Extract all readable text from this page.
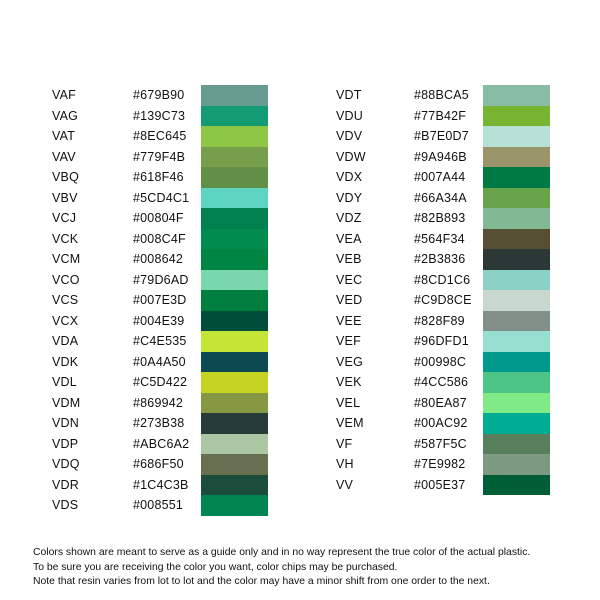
VAF	#679B90
VAG	#139C73
VAT	#8EC645
VAV	#779F4B
VBQ	#618F46
VBV	#5CD4C1
VCJ	#00804F
VCK	#008C4F
VCM	#008642
VCO	#79D6AD
VCS	#007E3D
VCX	#004E39
VDA	#C4E535
VDK	#0A4A50
VDL	#C5D422
VDM	#869942
VDN	#273B38
VDP	#ABC6A2
VDQ	#686F50
VDR	#1C4C3B
VDS	#008551
VDT	#88BCA5
VDU	#77B42F
VDV	#B7E0D7
VDW	#9A946B
VDX	#007A44
VDY	#66A34A
VDZ	#82B893
VEA	#564F34
VEB	#2B3836
VEC	#8CD1C6
VED	#C9D8CE
VEE	#828F89
VEF	#96DFD1
VEG	#00998C
VEK	#4CC586
VEL	#80EA87
VEM	#00AC92
VF	#587F5C
VH	#7E9982
VV	#005E37
Colors shown are meant to serve as a guide only and in no way represent the true color of the actual plastic.
To be sure you are receiving the color you want, color chips may be purchased.
Note that resin varies from lot to lot and the color may have a minor shift from one order to the next.
